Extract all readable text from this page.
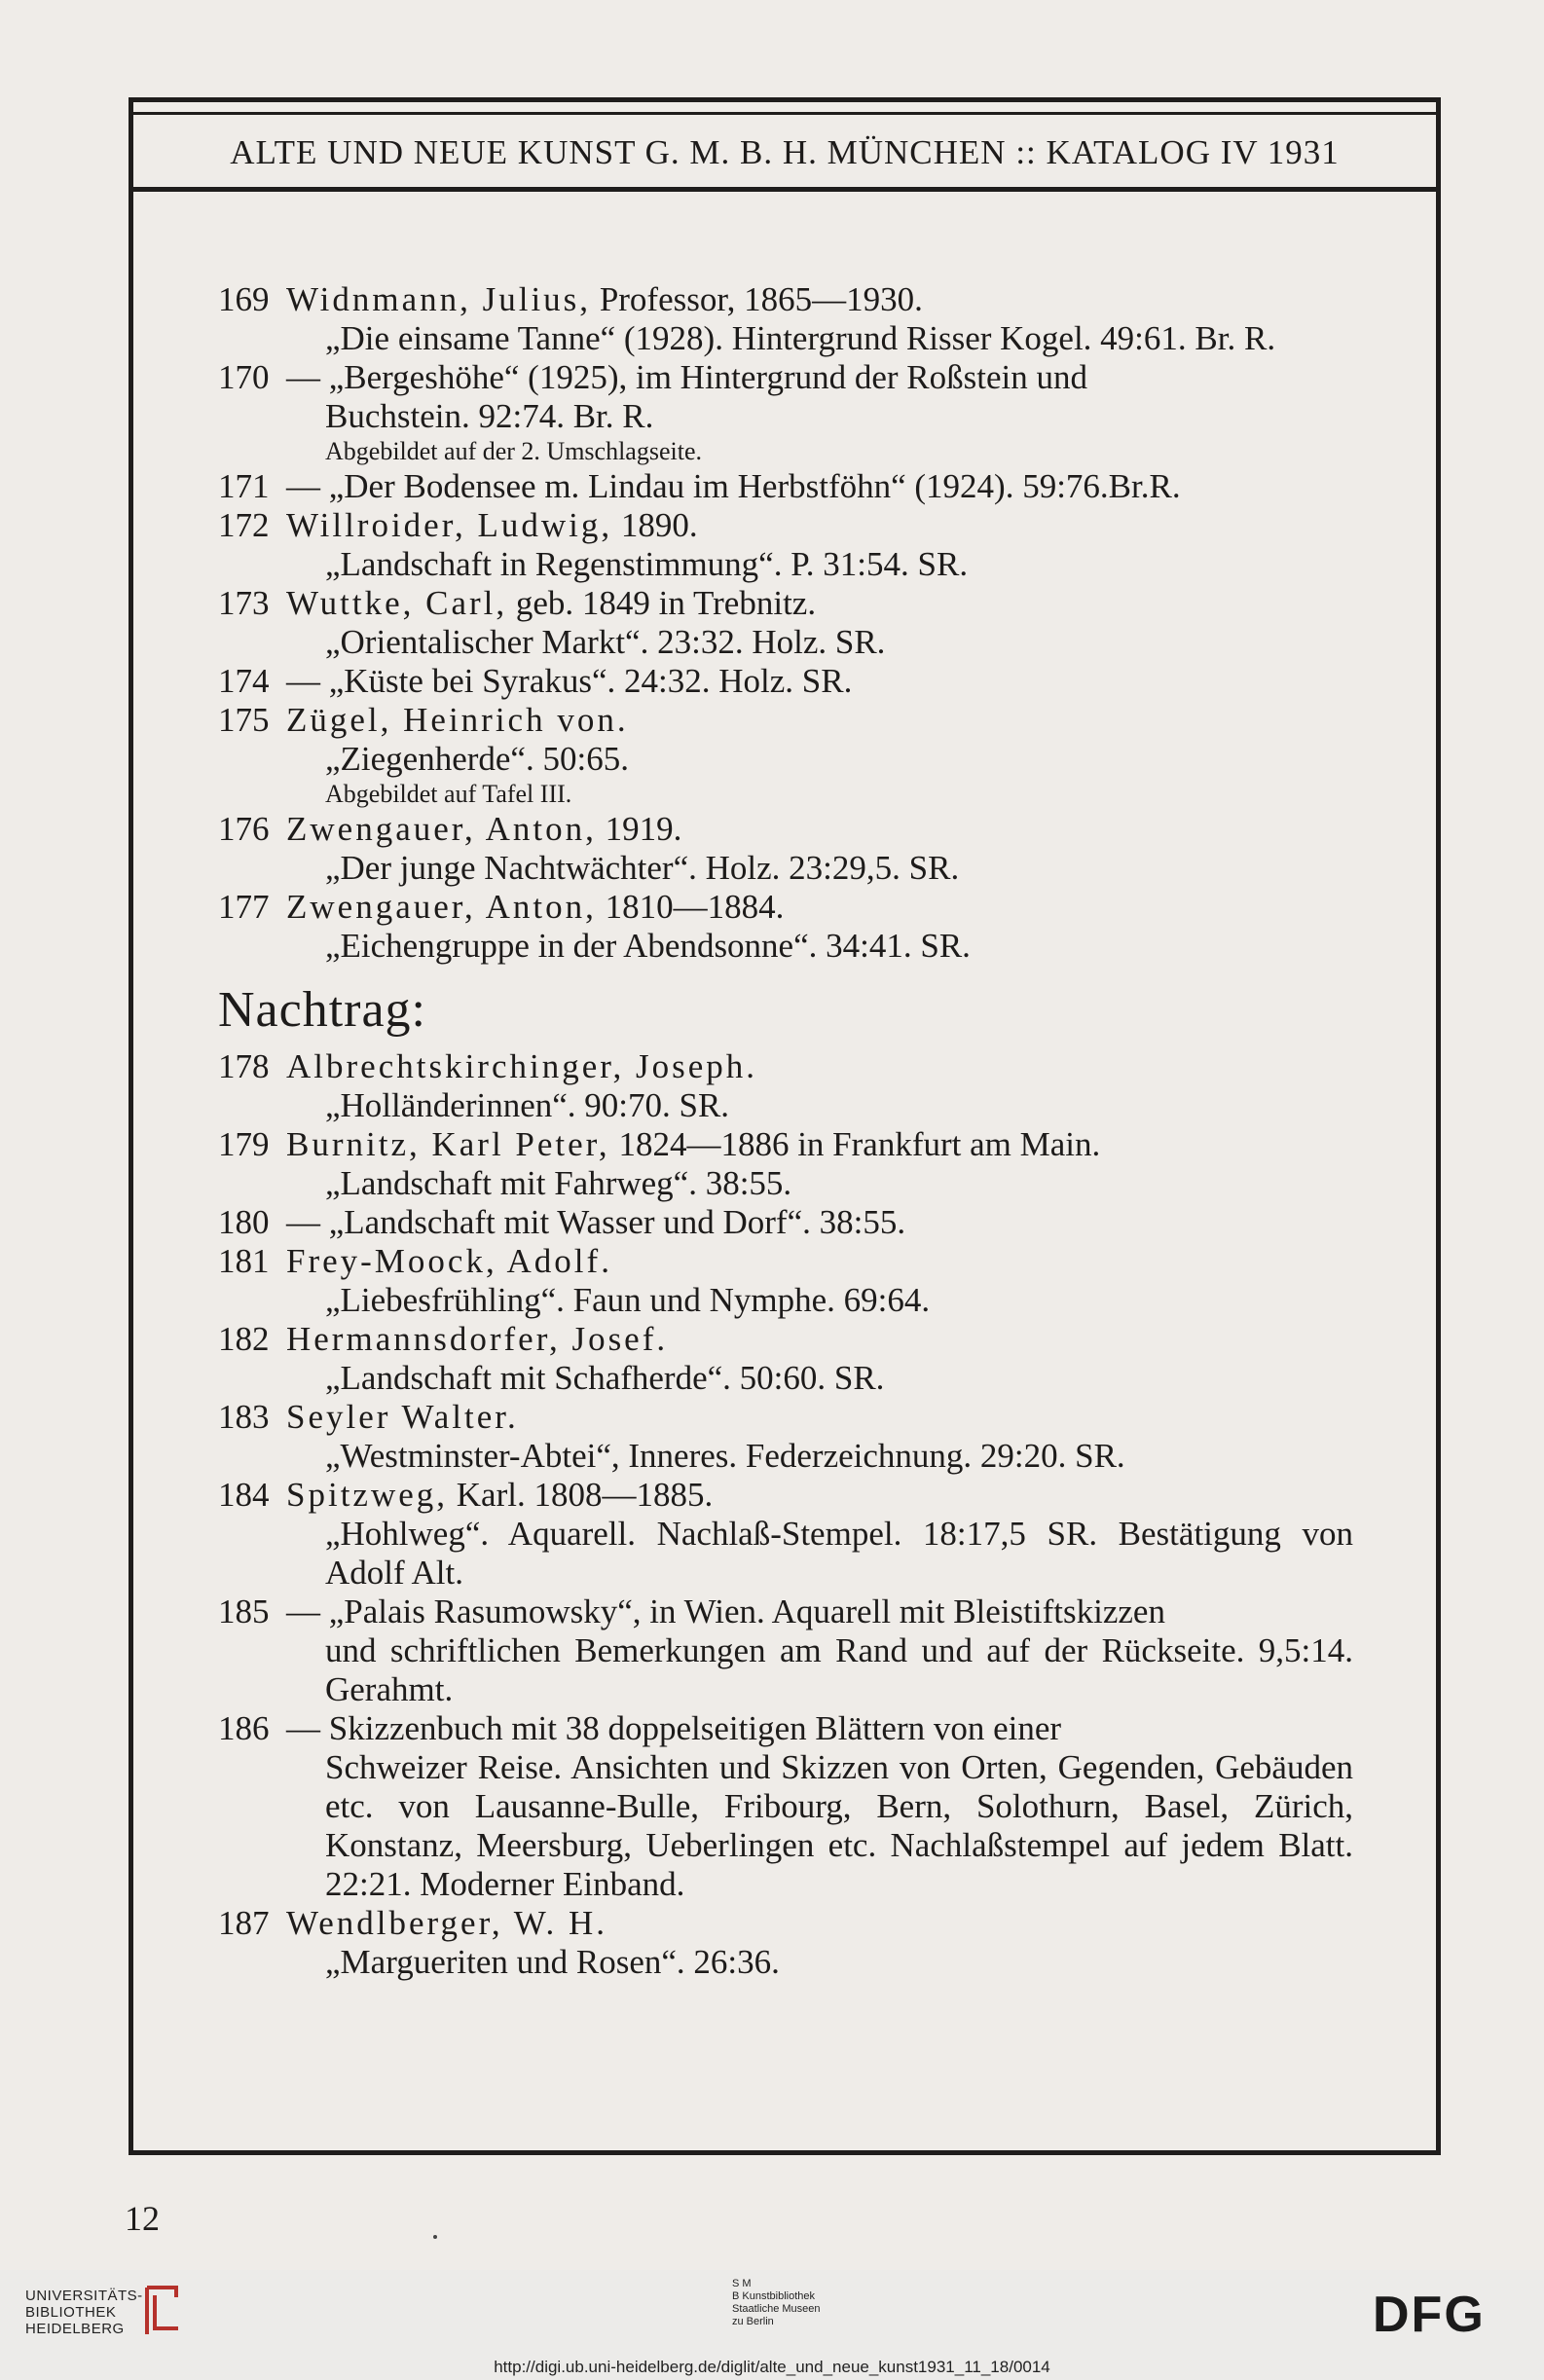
ALTE UND NEUE KUNST G. M. B. H. MÜNCHEN :: KATALOG IV 1931
169 Widnmann, Julius, Professor, 1865—1930.
„Die einsame Tanne“ (1928). Hintergrund Risser Kogel. 49:61. Br. R.
170 — „Bergeshöhe“ (1925), im Hintergrund der Roßstein und
Buchstein. 92:74. Br. R.
Abgebildet auf der 2. Umschlagseite.
171 — „Der Bodensee m. Lindau im Herbstföhn“ (1924). 59:76.Br.R.
172 Willroider, Ludwig, 1890.
„Landschaft in Regenstimmung“. P. 31:54. SR.
173 Wuttke, Carl, geb. 1849 in Trebnitz.
„Orientalischer Markt“. 23:32. Holz. SR.
174 — „Küste bei Syrakus“. 24:32. Holz. SR.
175 Zügel, Heinrich von.
„Ziegenherde“. 50:65.
Abgebildet auf Tafel III.
176 Zwengauer, Anton, 1919.
„Der junge Nachtwächter“. Holz. 23:29,5. SR.
177 Zwengauer, Anton, 1810—1884.
„Eichengruppe in der Abendsonne“. 34:41. SR.
Nachtrag:
178 Albrechtskirchinger, Joseph.
„Holländerinnen“. 90:70. SR.
179 Burnitz, Karl Peter, 1824—1886 in Frankfurt am Main.
„Landschaft mit Fahrweg“. 38:55.
180 — „Landschaft mit Wasser und Dorf“. 38:55.
181 Frey-Moock, Adolf.
„Liebesfrühling“. Faun und Nymphe. 69:64.
182 Hermannsdorfer, Josef.
„Landschaft mit Schafherde“. 50:60. SR.
183 Seyler Walter.
„Westminster-Abtei“, Inneres. Federzeichnung. 29:20. SR.
184 Spitzweg, Karl. 1808—1885.
„Hohlweg“. Aquarell. Nachlaß-Stempel. 18:17,5 SR. Bestätigung von Adolf Alt.
185 — „Palais Rasumowsky“, in Wien. Aquarell mit Bleistiftskizzen
und schriftlichen Bemerkungen am Rand und auf der Rückseite. 9,5:14. Gerahmt.
186 — Skizzenbuch mit 38 doppelseitigen Blättern von einer
Schweizer Reise. Ansichten und Skizzen von Orten, Gegenden, Gebäuden etc. von Lausanne-Bulle, Fribourg, Bern, Solothurn, Basel, Zürich, Konstanz, Meersburg, Ueberlingen etc. Nachlaßstempel auf jedem Blatt. 22:21. Moderner Einband.
187 Wendlberger, W. H.
„Margueriten und Rosen“. 26:36.
12
UNIVERSITÄTS-
BIBLIOTHEK
HEIDELBERG
S M
B Kunstbibliothek
Staatliche Museen
zu Berlin	DFG
http://digi.ub.uni-heidelberg.de/diglit/alte_und_neue_kunst1931_11_18/0014
